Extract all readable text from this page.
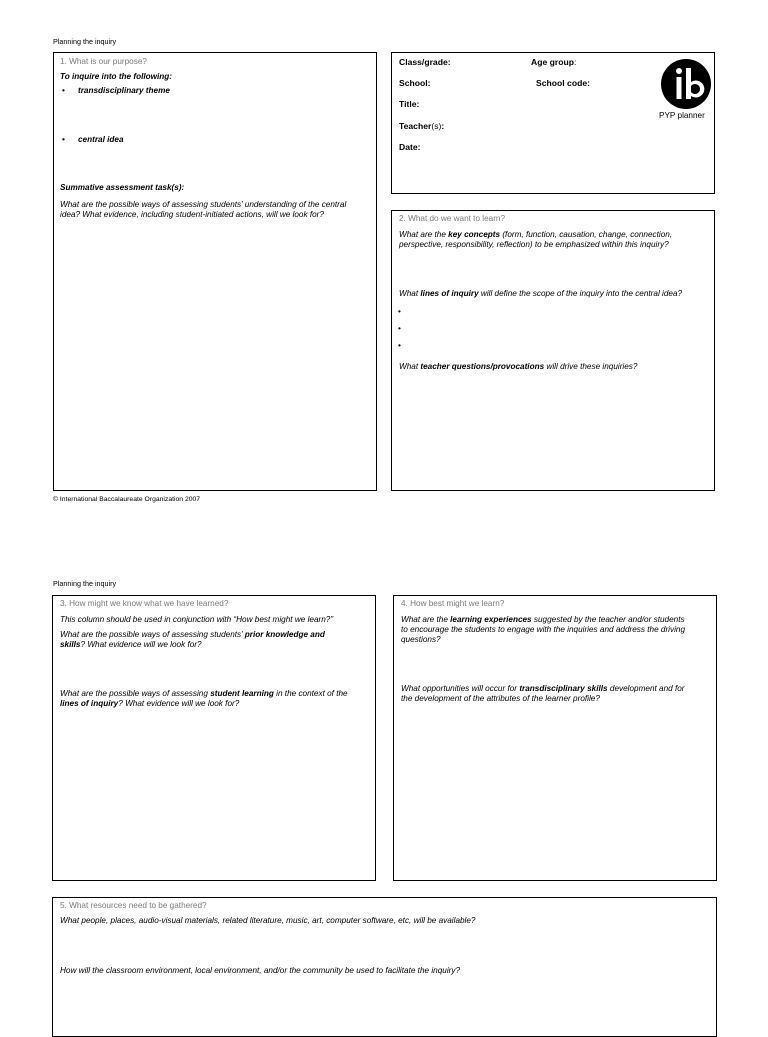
Planning the inquiry
1. What is our purpose?
To inquire into the following:
• transdisciplinary theme
• central idea
Summative assessment task(s):
What are the possible ways of assessing students’ understanding of the central
idea? What evidence, including student-initiated actions, will we look for?
Class/grade:	Age group:
School:	School code:
Title:
Teacher(s):
Date:
PYP planner
2. What do we want to learn?
What are the key concepts (form, function, causation, change, connection,
perspective, responsibility, reflection) to be emphasized within this inquiry?
What lines of inquiry will define the scope of the inquiry into the central idea?
•
•
•
What teacher questions/provocations will drive these inquiries?
© International Baccalaureate Organization 2007
Planning the inquiry
3. How might we know what we have learned?
This column should be used in conjunction with “How best might we learn?”
What are the possible ways of assessing students’ prior knowledge and
skills? What evidence will we look for?
What are the possible ways of assessing student learning in the context of the
lines of inquiry? What evidence will we look for?
4. How best might we learn?
What are the learning experiences suggested by the teacher and/or students
to encourage the students to engage with the inquiries and address the driving
questions?
What opportunities will occur for transdisciplinary skills development and for
the development of the attributes of the learner profile?
5. What resources need to be gathered?
What people, places, audio-visual materials, related literature, music, art, computer software, etc, will be available?
How will the classroom environment, local environment, and/or the community be used to facilitate the inquiry?
